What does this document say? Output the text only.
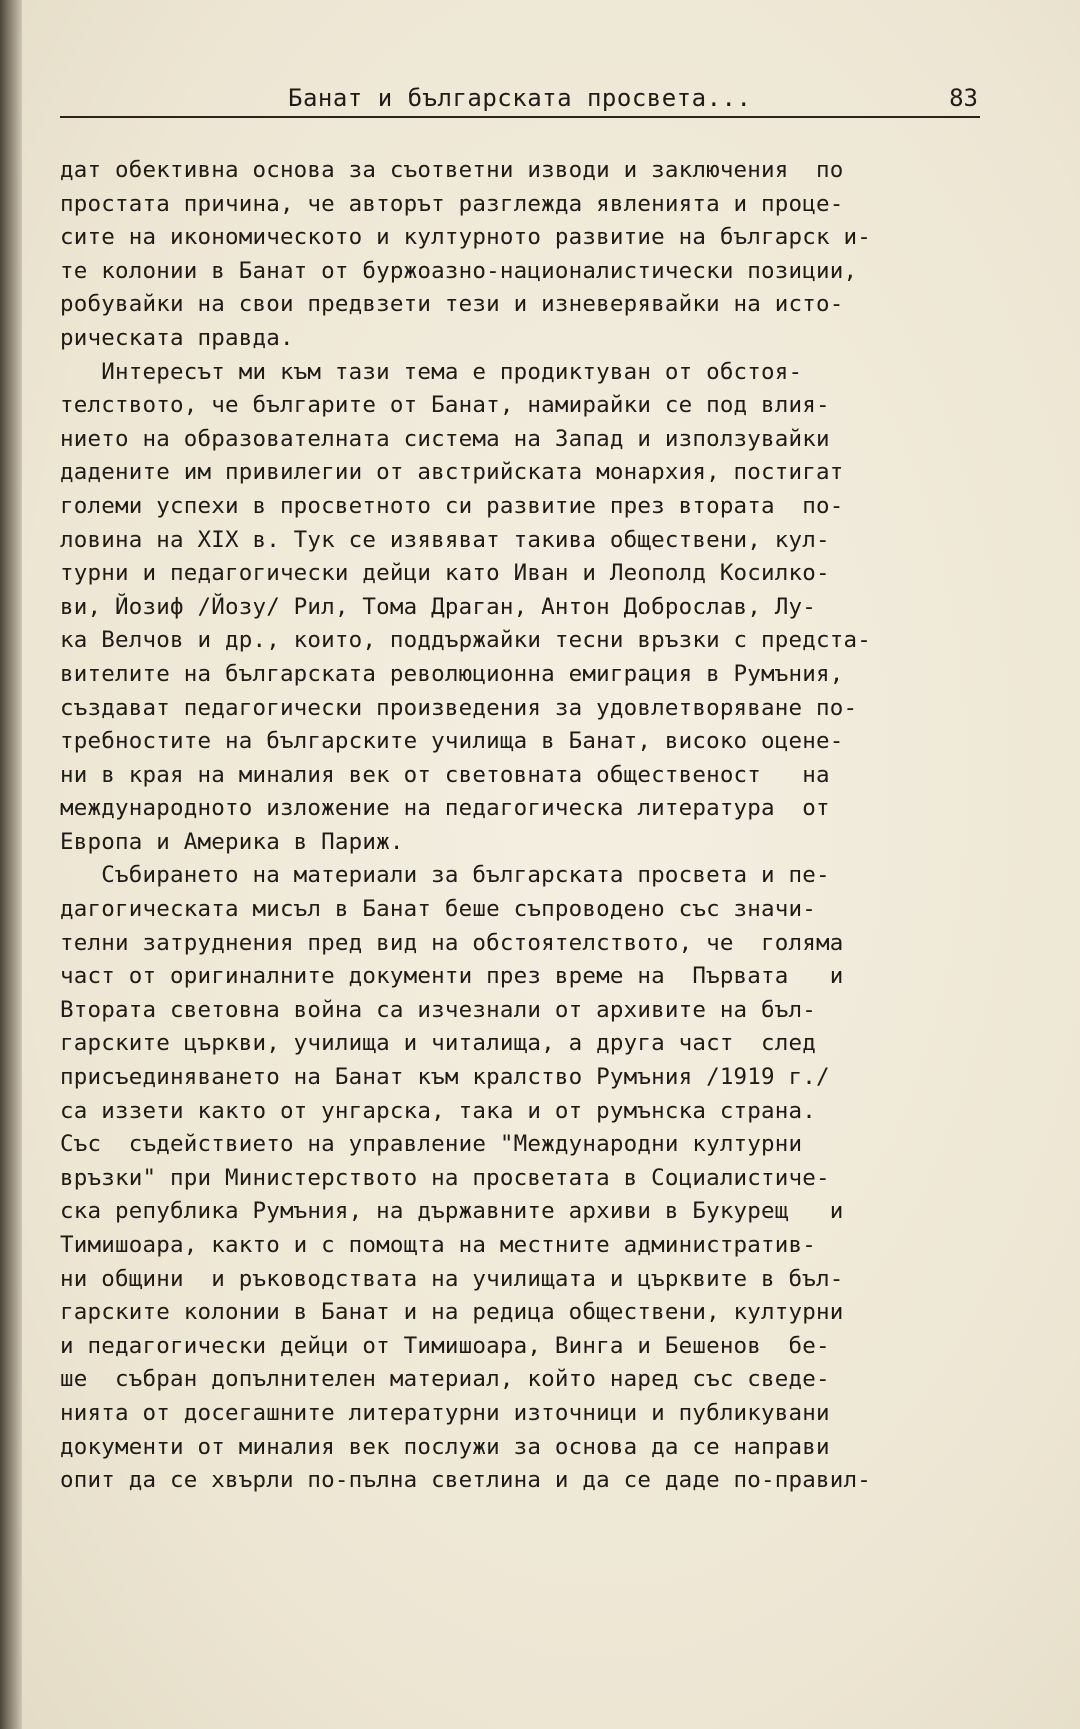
Банат и българската просвета...	83
дат обективна основа за съответни изводи и заключения  по
простата причина, че авторът разглежда явленията и проце-
сите на икономическото и културното развитие на българск и-
те колонии в Банат от буржоазно-националистически позиции,
робувайки на свои предвзети тези и изневерявайки на исто-
рическата правда.
Интересът ми към тази тема е продиктуван от обстоя-
телството, че българите от Банат, намирайки се под влия-
нието на образователната система на Запад и използувайки
дадените им привилегии от австрийската монархия, постигат
големи успехи в просветното си развитие през втората  по-
ловина на XIX в. Тук се изявяват такива обществени, кул-
турни и педагогически дейци като Иван и Леополд Косилко-
ви, Йозиф /Йозу/ Рил, Тома Драган, Антон Доброслав, Лу-
ка Велчов и др., които, поддържайки тесни връзки с предста-
вителите на българската революционна емиграция в Румъния,
създават педагогически произведения за удовлетворяване по-
требностите на българските училища в Банат, високо оцене-
ни в края на миналия век от световната общественост   на
международното изложение на педагогическа литература  от
Европа и Америка в Париж.
Събирането на материали за българската просвета и пе-
дагогическата мисъл в Банат беше съпроводено със значи-
телни затруднения пред вид на обстоятелството, че  голяма
част от оригиналните документи през време на  Първата   и
Втората световна война са изчезнали от архивите на бъл-
гарските църкви, училища и читалища, а друга част  след
присъединяването на Банат към кралство Румъния /1919 г./
са иззети както от унгарска, така и от румънска страна.
Със  съдействието на управление "Международни културни
връзки" при Министерството на просветата в Социалистиче-
ска република Румъния, на държавните архиви в Букурещ   и
Тимишоара, както и с помощта на местните административ-
ни общини  и ръководствата на училищата и църквите в бъл-
гарските колонии в Банат и на редица обществени, културни
и педагогически дейци от Тимишоара, Винга и Бешенов  бе-
ше  събран допълнителен материал, който наред със сведе-
нията от досегашните литературни източници и публикувани
документи от миналия век послужи за основа да се направи
опит да се хвърли по-пълна светлина и да се даде по-правил-
